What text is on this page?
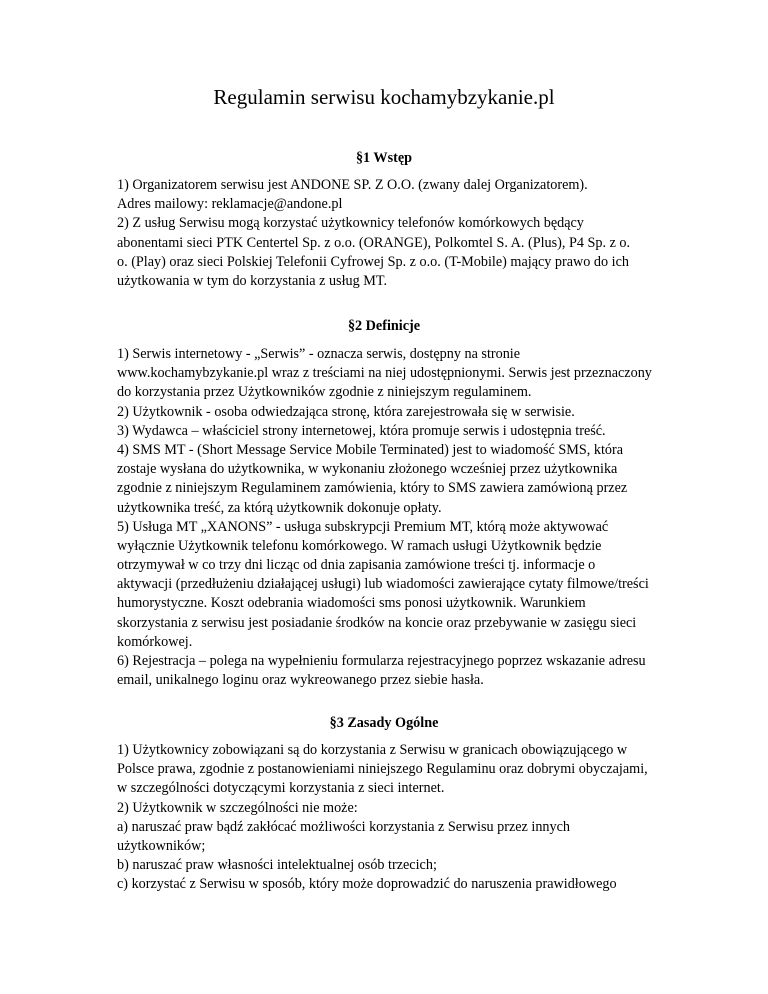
Regulamin serwisu kochamybzykanie.pl
§1 Wstęp
1) Organizatorem serwisu jest ANDONE SP. Z O.O. (zwany dalej Organizatorem).
Adres mailowy: reklamacje@andone.pl
2) Z usług Serwisu mogą korzystać użytkownicy telefonów komórkowych będący
abonentami sieci PTK Centertel Sp. z o.o. (ORANGE), Polkomtel S. A. (Plus), P4 Sp. z o.
o. (Play) oraz sieci Polskiej Telefonii Cyfrowej Sp. z o.o. (T-Mobile) mający prawo do ich
użytkowania w tym do korzystania z usług MT.
§2 Definicje
1) Serwis internetowy - „Serwis” - oznacza serwis, dostępny na stronie
www.kochamybzykanie.pl wraz z treściami na niej udostępnionymi. Serwis jest przeznaczony
do korzystania przez Użytkowników zgodnie z niniejszym regulaminem.
2) Użytkownik - osoba odwiedzająca stronę, która zarejestrowała się w serwisie.
3) Wydawca – właściciel strony internetowej, która promuje serwis i udostępnia treść.
4) SMS MT - (Short Message Service Mobile Terminated) jest to wiadomość SMS, która
zostaje wysłana do użytkownika, w wykonaniu złożonego wcześniej przez użytkownika
zgodnie z niniejszym Regulaminem zamówienia, który to SMS zawiera zamówioną przez
użytkownika treść, za którą użytkownik dokonuje opłaty.
5) Usługa MT „XANONS” - usługa subskrypcji Premium MT, którą może aktywować
wyłącznie Użytkownik telefonu komórkowego. W ramach usługi Użytkownik będzie
otrzymywał w co trzy dni licząc od dnia zapisania zamówione treści tj. informacje o
aktywacji (przedłużeniu działającej usługi) lub wiadomości zawierające cytaty filmowe/treści
humorystyczne. Koszt odebrania wiadomości sms ponosi użytkownik. Warunkiem
skorzystania z serwisu jest posiadanie środków na koncie oraz przebywanie w zasięgu sieci
komórkowej.
6) Rejestracja – polega na wypełnieniu formularza rejestracyjnego poprzez wskazanie adresu
email, unikalnego loginu oraz wykreowanego przez siebie hasła.
§3 Zasady Ogólne
1) Użytkownicy zobowiązani są do korzystania z Serwisu w granicach obowiązującego w
Polsce prawa, zgodnie z postanowieniami niniejszego Regulaminu oraz dobrymi obyczajami,
w szczególności dotyczącymi korzystania z sieci internet.
2) Użytkownik w szczególności nie może:
a) naruszać praw bądź zakłócać możliwości korzystania z Serwisu przez innych
użytkowników;
b) naruszać praw własności intelektualnej osób trzecich;
c) korzystać z Serwisu w sposób, który może doprowadzić do naruszenia prawidłowego
